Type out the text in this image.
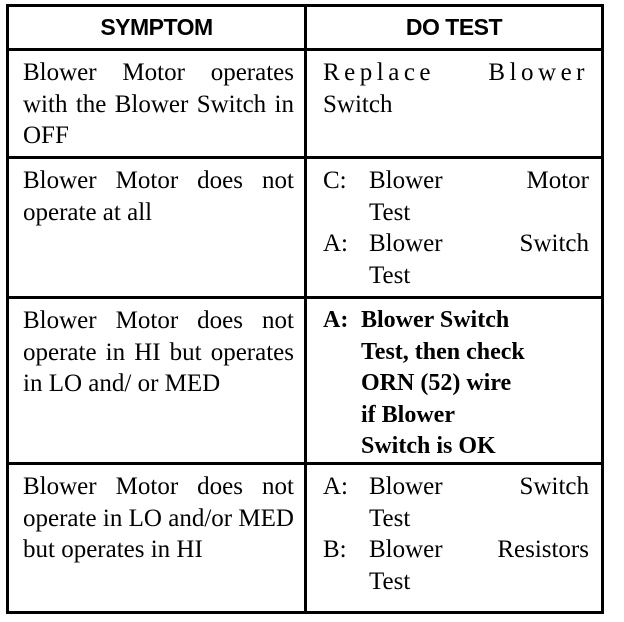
SYMPTOM	DO TEST
Blower Motor operates with the Blower Switch in OFF
Replace Blower
Switch
Blower Motor does not operate at all
C: Blower Motor
Test
A: Blower Switch
Test
Blower Motor does not operate in HI but operates in LO and/ or MED
A: Blower Switch
Test, then check
ORN (52) wire
if Blower
Switch is OK
Blower Motor does not operate in LO and/or MED but operates in HI
A: Blower Switch
Test
B: Blower Resistors
Test
